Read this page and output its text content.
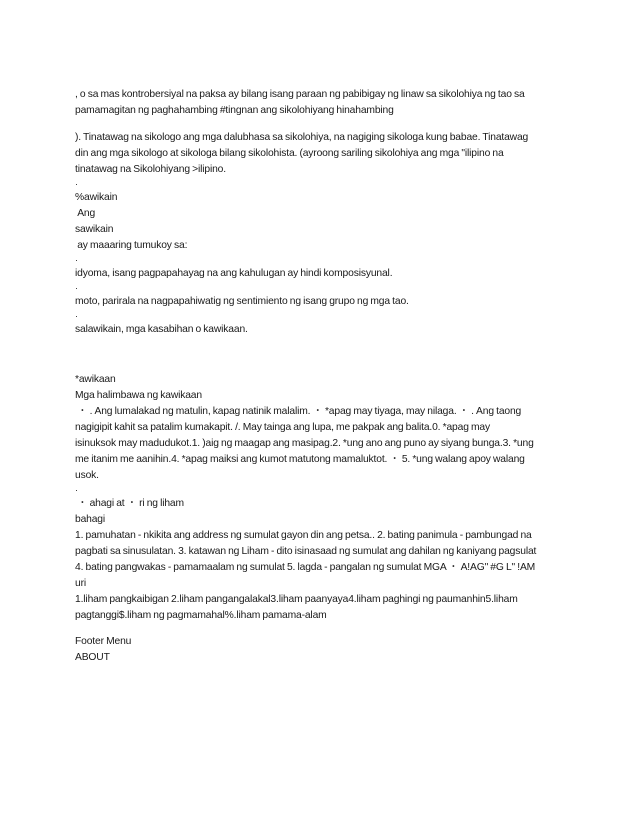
, o sa mas kontrobersiyal na paksa ay bilang isang paraan ng pabibigay ng linaw sa sikolohiya ng tao sa

pamamagitan ng paghahambing #tingnan ang sikolohiyang hinahambing

). Tinatawag na sikologo ang mga dalubhasa sa sikolohiya, na nagiging sikologa kung babae. Tinatawag

din ang mga sikologo at sikologa bilang sikolohista. (ayroong sariling sikolohiya ang mga "ilipino na

tinatawag na Sikolohiyang >ilipino.

·

%awikain

Ang

sawikain

ay maaaring tumukoy sa:

·

idyoma, isang pagpapahayag na ang kahulugan ay hindi komposisyunal.

·

moto, parirala na nagpapahiwatig ng sentimiento ng isang grupo ng mga tao.

·

salawikain, mga kasabihan o kawikaan.

*awikaan

Mga halimbawa ng kawikaan

・ . Ang lumalakad ng matulin, kapag natinik malalim. ・ *apag may tiyaga, may nilaga. ・ . Ang taong

nagigipit kahit sa patalim kumakapit. /. May tainga ang lupa, me pakpak ang balita.0. *apag may

isinuksok may madudukot.1. )aig ng maagap ang masipag.2. *ung ano ang puno ay siyang bunga.3. *ung

me itanim me aanihin.4. *apag maiksi ang kumot matutong mamaluktot. ・ 5. *ung walang apoy walang

usok.

·

・ ahagi at ・ ri ng liham

bahagi

1. pamuhatan - nkikita ang address ng sumulat gayon din ang petsa.. 2. bating panimula - pambungad na

pagbati sa sinusulatan. 3. katawan ng Liham - dito isinasaad ng sumulat ang dahilan ng kaniyang pagsulat

4. bating pangwakas - pamamaalam ng sumulat 5. lagda - pangalan ng sumulat MGA ・ A!AG" #G L" !AM

uri

1.liham pangkaibigan 2.liham pangangalakal3.liham paanyaya4.liham paghingi ng paumanhin5.liham

pagtanggi$.liham ng pagmamahal%.liham pamama-alam

Footer Menu

ABOUT
